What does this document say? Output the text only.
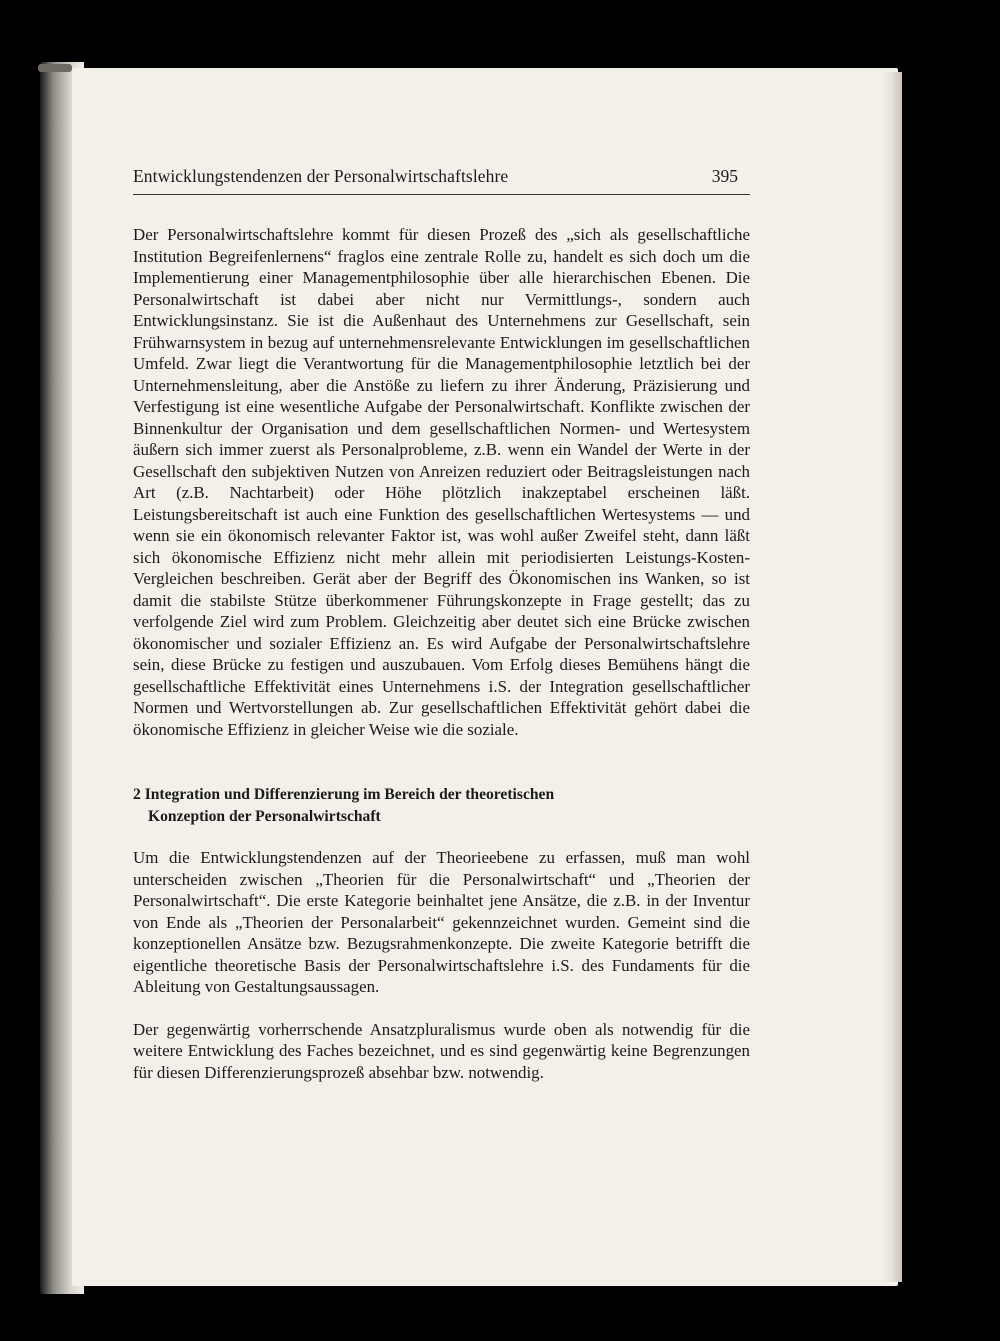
Entwicklungstendenzen der Personalwirtschaftslehre	395

Der Personalwirtschaftslehre kommt für diesen Prozeß des „sich als gesellschaftliche Institution Begreifenlernens“ fraglos eine zentrale Rolle zu, handelt es sich doch um die Implementierung einer Managementphilosophie über alle hierarchischen Ebenen. Die Personalwirtschaft ist dabei aber nicht nur Vermittlungs-, sondern auch Entwicklungsinstanz. Sie ist die Außenhaut des Unternehmens zur Gesellschaft, sein Frühwarnsystem in bezug auf unternehmensrelevante Entwicklungen im gesellschaftlichen Umfeld. Zwar liegt die Verantwortung für die Managementphilosophie letztlich bei der Unternehmensleitung, aber die Anstöße zu liefern zu ihrer Änderung, Präzisierung und Verfestigung ist eine wesentliche Aufgabe der Personalwirtschaft. Konflikte zwischen der Binnenkultur der Organisation und dem gesellschaftlichen Normen- und Wertesystem äußern sich immer zuerst als Personalprobleme, z.B. wenn ein Wandel der Werte in der Gesellschaft den subjektiven Nutzen von Anreizen reduziert oder Beitragsleistungen nach Art (z.B. Nachtarbeit) oder Höhe plötzlich inakzeptabel erscheinen läßt. Leistungsbereitschaft ist auch eine Funktion des gesellschaftlichen Wertesystems — und wenn sie ein ökonomisch relevanter Faktor ist, was wohl außer Zweifel steht, dann läßt sich ökonomische Effizienz nicht mehr allein mit periodisierten Leistungs-Kosten-Vergleichen beschreiben. Gerät aber der Begriff des Ökonomischen ins Wanken, so ist damit die stabilste Stütze überkommener Führungskonzepte in Frage gestellt; das zu verfolgende Ziel wird zum Problem. Gleichzeitig aber deutet sich eine Brücke zwischen ökonomischer und sozialer Effizienz an. Es wird Aufgabe der Personalwirtschaftslehre sein, diese Brücke zu festigen und auszubauen. Vom Erfolg dieses Bemühens hängt die gesellschaftliche Effektivität eines Unternehmens i.S. der Integration gesellschaftlicher Normen und Wertvorstellungen ab. Zur gesellschaftlichen Effektivität gehört dabei die ökonomische Effizienz in gleicher Weise wie die soziale.

2 Integration und Differenzierung im Bereich der theoretischen
Konzeption der Personalwirtschaft

Um die Entwicklungstendenzen auf der Theorieebene zu erfassen, muß man wohl unterscheiden zwischen „Theorien für die Personalwirtschaft“ und „Theorien der Personalwirtschaft“. Die erste Kategorie beinhaltet jene Ansätze, die z.B. in der Inventur von Ende als „Theorien der Personalarbeit“ gekennzeichnet wurden. Gemeint sind die konzeptionellen Ansätze bzw. Bezugsrahmenkonzepte. Die zweite Kategorie betrifft die eigentliche theoretische Basis der Personalwirtschaftslehre i.S. des Fundaments für die Ableitung von Gestaltungsaussagen.

Der gegenwärtig vorherrschende Ansatzpluralismus wurde oben als notwendig für die weitere Entwicklung des Faches bezeichnet, und es sind gegenwärtig keine Begrenzungen für diesen Differenzierungsprozeß absehbar bzw. notwendig.
